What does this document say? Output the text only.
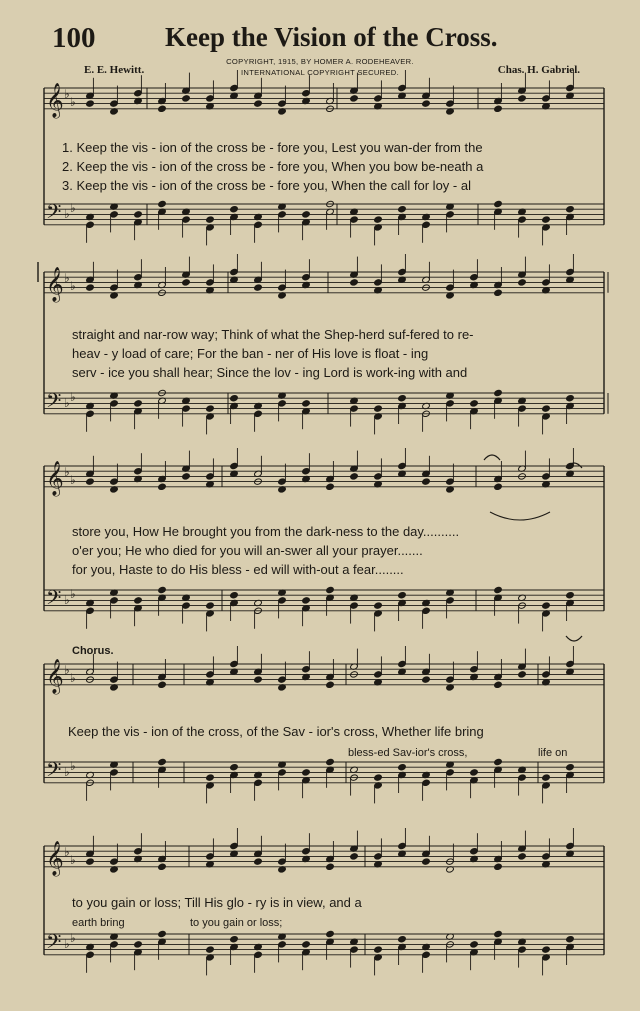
100	Keep the Vision of the Cross.
COPYRIGHT, 1915, BY HOMER A. RODEHEAVER.
INTERNATIONAL COPYRIGHT SECURED.
E. E. Hewitt.	Chas. H. Gabriel.
𝄞 ♭
♭
𝄢 ♭ ♭
𝄞 ♭
♭
𝄢 ♭ ♭
𝄞 ♭
♭
𝄢 ♭ ♭
𝄞 ♭
♭
𝄢 ♭ ♭
𝄞 ♭
♭
𝄢 ♭ ♭
1. Keep the vis - ion of the cross be - fore you, Lest you wan-der from the
2. Keep the vis - ion of the cross be - fore you, When you bow be-neath a
3. Keep the vis - ion of the cross be - fore you, When the call for loy - al
straight and nar-row way; Think of what the Shep-herd suf-fered to re-
heav - y load of care; For the ban - ner of His love is float - ing
serv - ice you shall hear; Since the lov - ing Lord is work-ing with and
store you, How He brought you from the dark-ness to the day..........
o'er you; He who died for you will an-swer all your prayer.......
for you, Haste to do His bless - ed will with-out a fear........
Chorus.
Keep the vis - ion of the cross, of the Sav - ior's cross, Whether life bring
bless-ed Sav-ior's cross,	life on
to you gain or loss; Till His glo - ry is in view, and a
earth bring	to you gain or loss;
